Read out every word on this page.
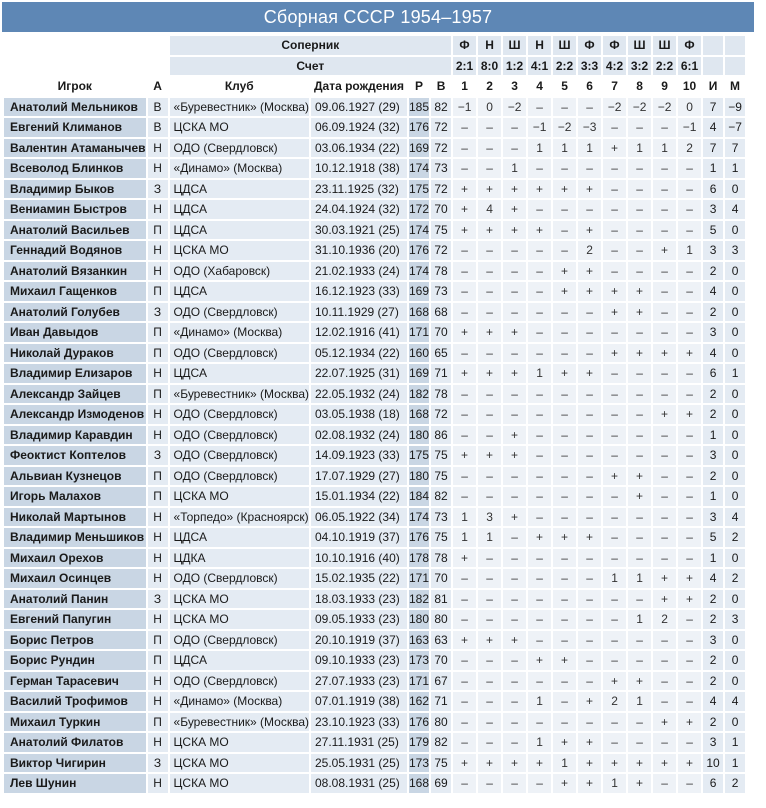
Сборная СССР 1954–1957
		Соперник				Ф	Н	Ш	Н	Ш	Ф	Ф	Ш	Ш	Ф		
		Счет				2:1	8:0	1:2	4:1	2:2	3:3	4:2	3:2	2:2	6:1		
Игрок	А	Клуб	Дата рождения	Р	В	1	2	3	4	5	6	7	8	9	10	И	М
Анатолий Мельников	В	«Буревестник» (Москва)	09.06.1927 (29)	185	82	−1	0	−2	–	–	–	−2	−2	−2	0	7	−9
Евгений Климанов	В	ЦСКА МО	06.09.1924 (32)	176	72	–	–	–	−1	−2	−3	–	–	–	−1	4	−7
Валентин Атаманычев	Н	ОДО (Свердловск)	03.06.1934 (22)	169	72	–	–	–	1	1	1	+	1	1	2	7	7
Всеволод Блинков	Н	«Динамо» (Москва)	10.12.1918 (38)	174	73	–	–	1	–	–	–	–	–	–	–	1	1
Владимир Быков	З	ЦДСА	23.11.1925 (32)	175	72	+	+	+	+	+	+	–	–	–	–	6	0
Вениамин Быстров	Н	ЦДСА	24.04.1924 (32)	172	70	+	4	+	–	–	–	–	–	–	–	3	4
Анатолий Васильев	П	ЦДСА	30.03.1921 (25)	174	75	+	+	+	+	–	+	–	–	–	–	5	0
Геннадий Водянов	Н	ЦСКА МО	31.10.1936 (20)	176	72	–	–	–	–	–	2	–	–	+	1	3	3
Анатолий Вязанкин	Н	ОДО (Хабаровск)	21.02.1933 (24)	174	78	–	–	–	–	+	+	–	–	–	–	2	0
Михаил Гащенков	П	ЦДСА	16.12.1923 (33)	169	73	–	–	–	–	+	+	+	+	–	–	4	0
Анатолий Голубев	З	ОДО (Свердловск)	10.11.1929 (27)	168	68	–	–	–	–	–	–	+	+	–	–	2	0
Иван Давыдов	П	«Динамо» (Москва)	12.02.1916 (41)	171	70	+	+	+	–	–	–	–	–	–	–	3	0
Николай Дураков	П	ОДО (Свердловск)	05.12.1934 (22)	160	65	–	–	–	–	–	–	+	+	+	+	4	0
Владимир Елизаров	Н	ЦДСА	22.07.1925 (31)	169	71	+	+	+	1	+	+	–	–	–	–	6	1
Александр Зайцев	П	«Буревестник» (Москва)	22.05.1932 (24)	182	78	–	–	–	–	–	–	–	–	–	–	2	0
Александр Измоденов	Н	ОДО (Свердловск)	03.05.1938 (18)	168	72	–	–	–	–	–	–	–	–	+	+	2	0
Владимир Каравдин	Н	ОДО (Свердловск)	02.08.1932 (24)	180	86	–	–	+	–	–	–	–	–	–	–	1	0
Феоктист Коптелов	З	ОДО (Свердловск)	14.09.1923 (33)	175	75	+	+	+	–	–	–	–	–	–	–	3	0
Альвиан Кузнецов	П	ОДО (Свердловск)	17.07.1929 (27)	180	75	–	–	–	–	–	–	+	+	–	–	2	0
Игорь Малахов	П	ЦСКА МО	15.01.1934 (22)	184	82	–	–	–	–	–	–	–	+	–	–	1	0
Николай Мартынов	Н	«Торпедо» (Красноярск)	06.05.1922 (34)	174	73	1	3	+	–	–	–	–	–	–	–	3	4
Владимир Меньшиков	Н	ЦДСА	04.10.1919 (37)	176	75	1	1	–	+	+	+	–	–	–	–	5	2
Михаил Орехов	Н	ЦДКА	10.10.1916 (40)	178	78	+	–	–	–	–	–	–	–	–	–	1	0
Михаил Осинцев	Н	ОДО (Свердловск)	15.02.1935 (22)	171	70	–	–	–	–	–	–	1	1	+	+	4	2
Анатолий Панин	З	ЦСКА МО	18.03.1933 (23)	182	81	–	–	–	–	–	–	–	–	+	+	2	0
Евгений Папугин	Н	ЦСКА МО	09.05.1933 (23)	180	80	–	–	–	–	–	–	–	1	2	–	2	3
Борис Петров	П	ОДО (Свердловск)	20.10.1919 (37)	163	63	+	+	+	–	–	–	–	–	–	–	3	0
Борис Рундин	П	ЦДСА	09.10.1933 (23)	173	70	–	–	–	+	+	–	–	–	–	–	2	0
Герман Тарасевич	Н	ОДО (Свердловск)	27.07.1933 (23)	171	67	–	–	–	–	–	–	+	+	–	–	2	0
Василий Трофимов	Н	«Динамо» (Москва)	07.01.1919 (38)	162	71	–	–	–	1	–	+	2	1	–	–	4	4
Михаил Туркин	П	«Буревестник» (Москва)	23.10.1923 (33)	176	80	–	–	–	–	–	–	–	–	+	+	2	0
Анатолий Филатов	Н	ЦСКА МО	27.11.1931 (25)	179	82	–	–	–	1	+	+	–	–	–	–	3	1
Виктор Чигирин	З	ЦСКА МО	25.05.1931 (25)	173	75	+	+	+	+	1	+	+	+	+	+	10	1
Лев Шунин	Н	ЦСКА МО	08.08.1931 (25)	168	69	–	–	–	–	+	+	1	+	–	–	6	2
